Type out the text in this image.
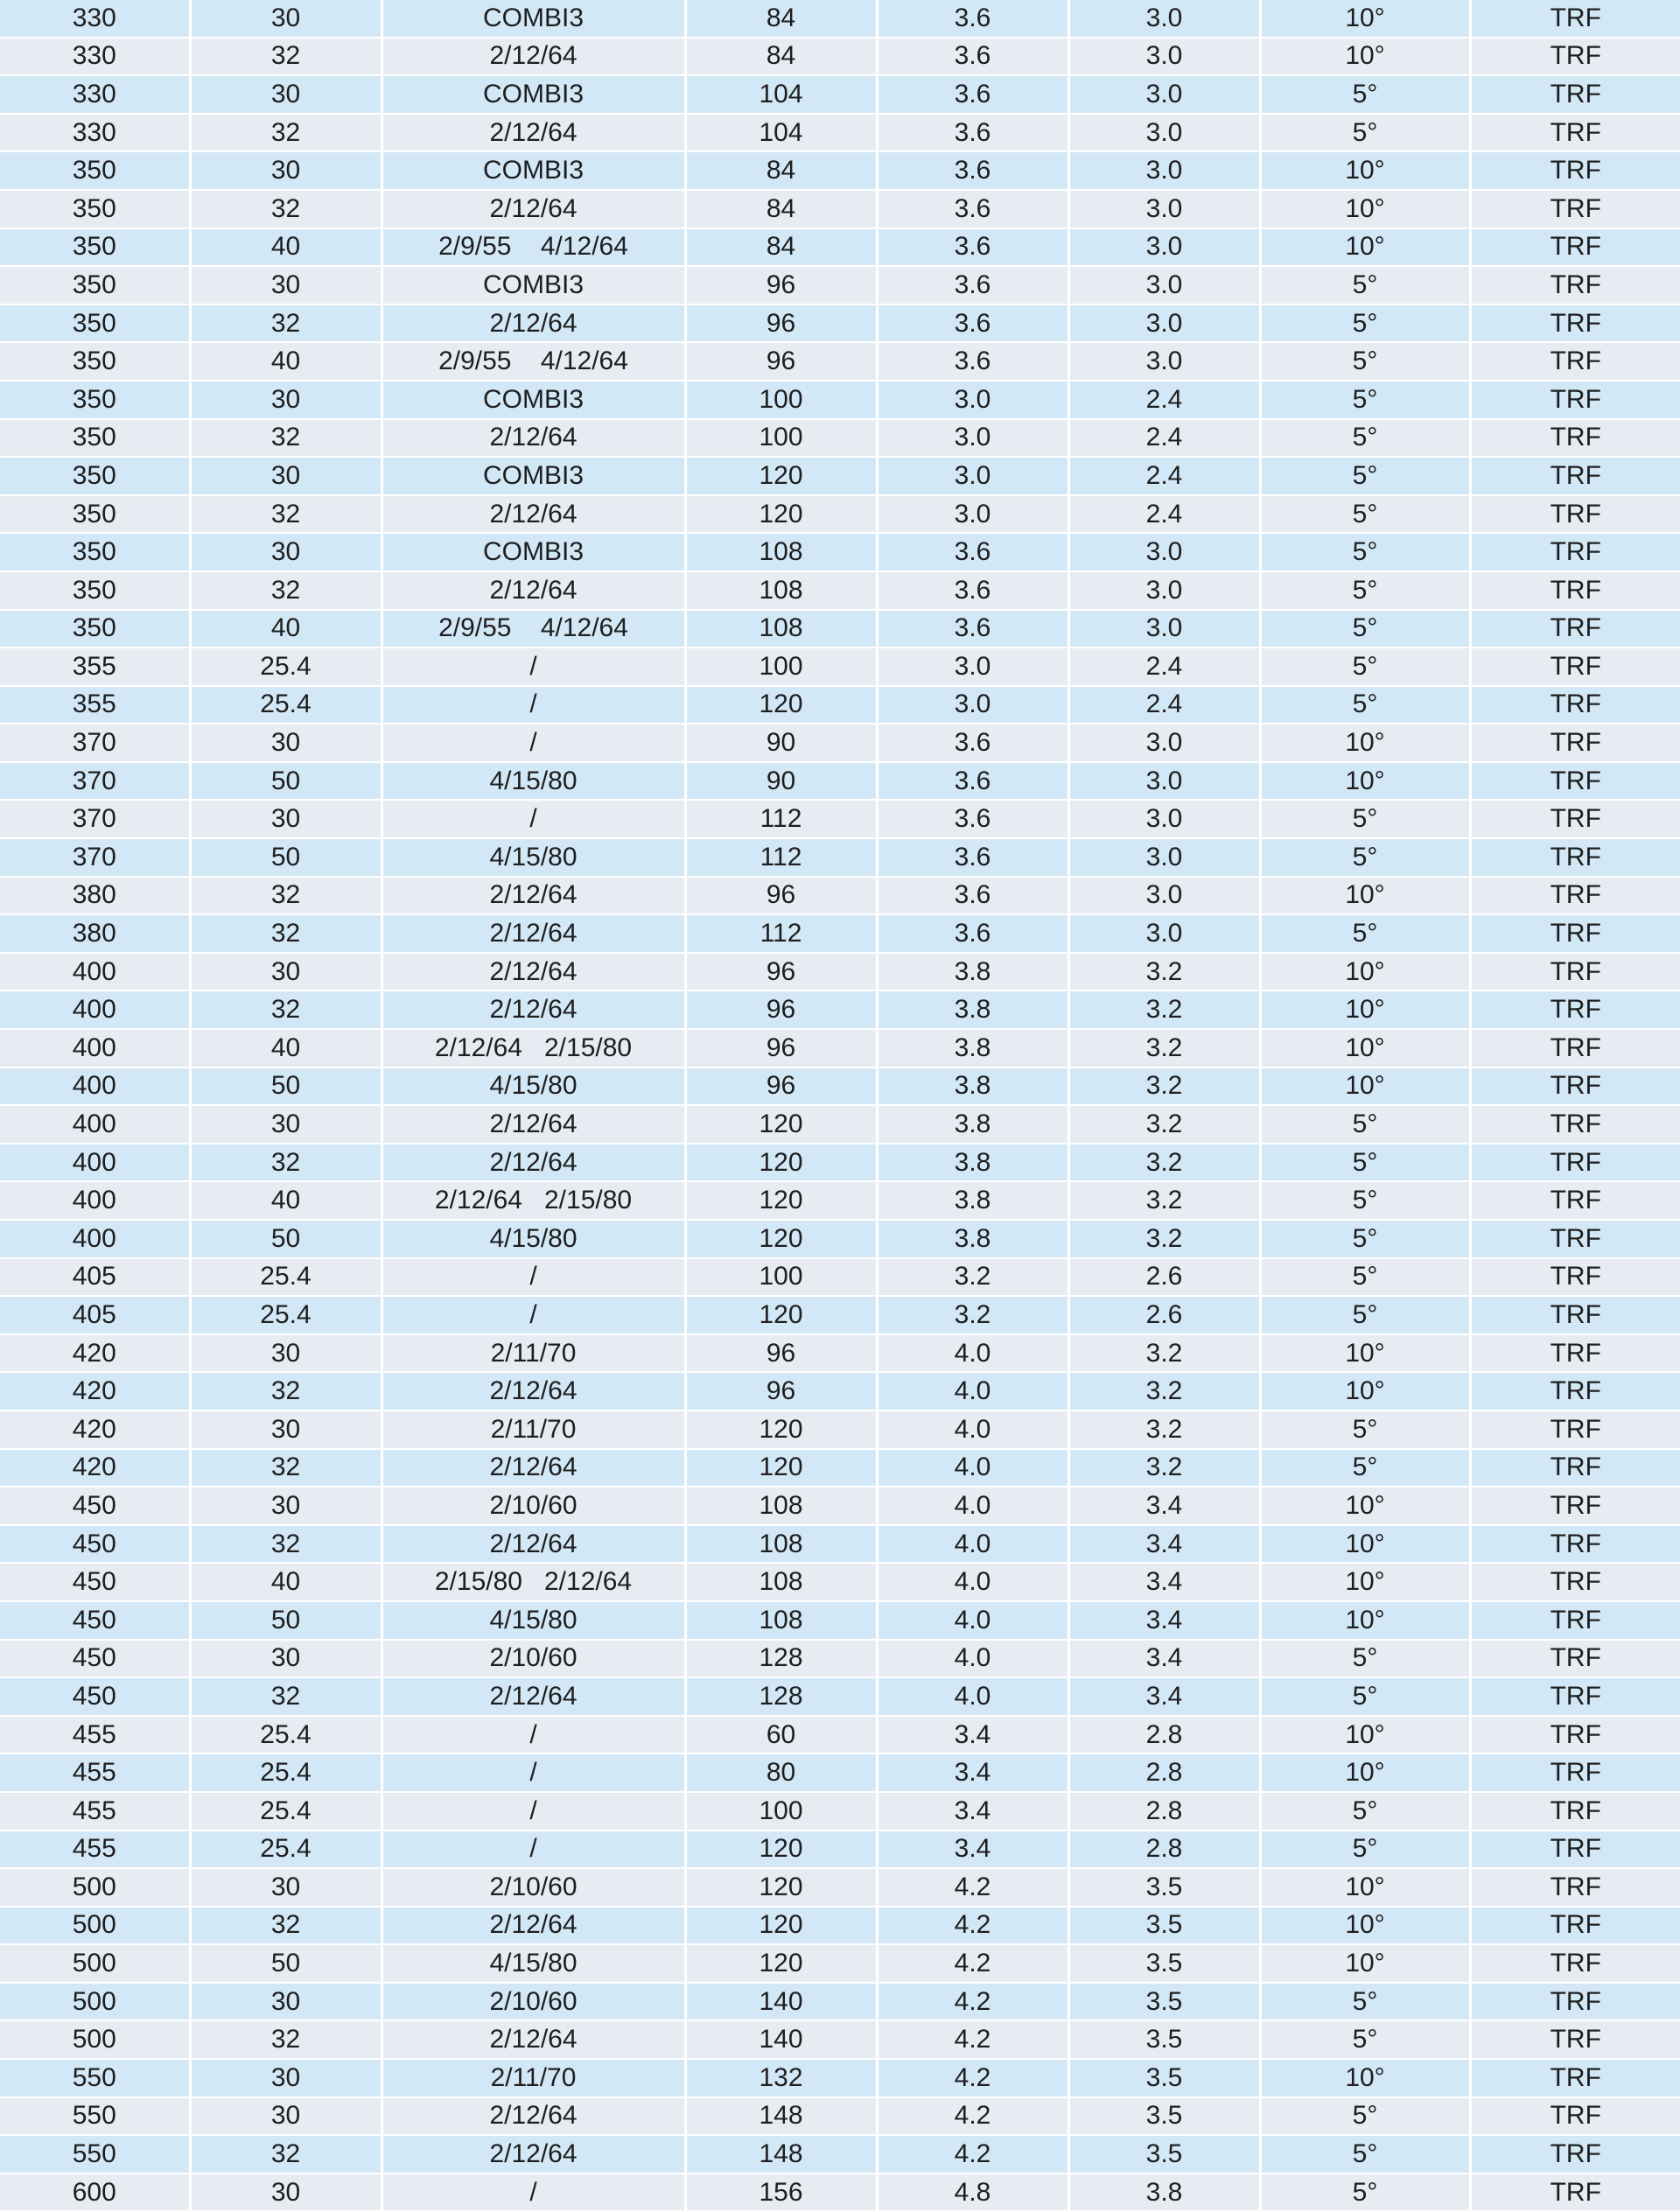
330	30	COMBI3	84	3.6	3.0	10°	TRF
330	32	2/12/64	84	3.6	3.0	10°	TRF
330	30	COMBI3	104	3.6	3.0	5°	TRF
330	32	2/12/64	104	3.6	3.0	5°	TRF
350	30	COMBI3	84	3.6	3.0	10°	TRF
350	32	2/12/64	84	3.6	3.0	10°	TRF
350	40	2/9/55    4/12/64	84	3.6	3.0	10°	TRF
350	30	COMBI3	96	3.6	3.0	5°	TRF
350	32	2/12/64	96	3.6	3.0	5°	TRF
350	40	2/9/55    4/12/64	96	3.6	3.0	5°	TRF
350	30	COMBI3	100	3.0	2.4	5°	TRF
350	32	2/12/64	100	3.0	2.4	5°	TRF
350	30	COMBI3	120	3.0	2.4	5°	TRF
350	32	2/12/64	120	3.0	2.4	5°	TRF
350	30	COMBI3	108	3.6	3.0	5°	TRF
350	32	2/12/64	108	3.6	3.0	5°	TRF
350	40	2/9/55    4/12/64	108	3.6	3.0	5°	TRF
355	25.4	/	100	3.0	2.4	5°	TRF
355	25.4	/	120	3.0	2.4	5°	TRF
370	30	/	90	3.6	3.0	10°	TRF
370	50	4/15/80	90	3.6	3.0	10°	TRF
370	30	/	112	3.6	3.0	5°	TRF
370	50	4/15/80	112	3.6	3.0	5°	TRF
380	32	2/12/64	96	3.6	3.0	10°	TRF
380	32	2/12/64	112	3.6	3.0	5°	TRF
400	30	2/12/64	96	3.8	3.2	10°	TRF
400	32	2/12/64	96	3.8	3.2	10°	TRF
400	40	2/12/64   2/15/80	96	3.8	3.2	10°	TRF
400	50	4/15/80	96	3.8	3.2	10°	TRF
400	30	2/12/64	120	3.8	3.2	5°	TRF
400	32	2/12/64	120	3.8	3.2	5°	TRF
400	40	2/12/64   2/15/80	120	3.8	3.2	5°	TRF
400	50	4/15/80	120	3.8	3.2	5°	TRF
405	25.4	/	100	3.2	2.6	5°	TRF
405	25.4	/	120	3.2	2.6	5°	TRF
420	30	2/11/70	96	4.0	3.2	10°	TRF
420	32	2/12/64	96	4.0	3.2	10°	TRF
420	30	2/11/70	120	4.0	3.2	5°	TRF
420	32	2/12/64	120	4.0	3.2	5°	TRF
450	30	2/10/60	108	4.0	3.4	10°	TRF
450	32	2/12/64	108	4.0	3.4	10°	TRF
450	40	2/15/80   2/12/64	108	4.0	3.4	10°	TRF
450	50	4/15/80	108	4.0	3.4	10°	TRF
450	30	2/10/60	128	4.0	3.4	5°	TRF
450	32	2/12/64	128	4.0	3.4	5°	TRF
455	25.4	/	60	3.4	2.8	10°	TRF
455	25.4	/	80	3.4	2.8	10°	TRF
455	25.4	/	100	3.4	2.8	5°	TRF
455	25.4	/	120	3.4	2.8	5°	TRF
500	30	2/10/60	120	4.2	3.5	10°	TRF
500	32	2/12/64	120	4.2	3.5	10°	TRF
500	50	4/15/80	120	4.2	3.5	10°	TRF
500	30	2/10/60	140	4.2	3.5	5°	TRF
500	32	2/12/64	140	4.2	3.5	5°	TRF
550	30	2/11/70	132	4.2	3.5	10°	TRF
550	30	2/12/64	148	4.2	3.5	5°	TRF
550	32	2/12/64	148	4.2	3.5	5°	TRF
600	30	/	156	4.8	3.8	5°	TRF
